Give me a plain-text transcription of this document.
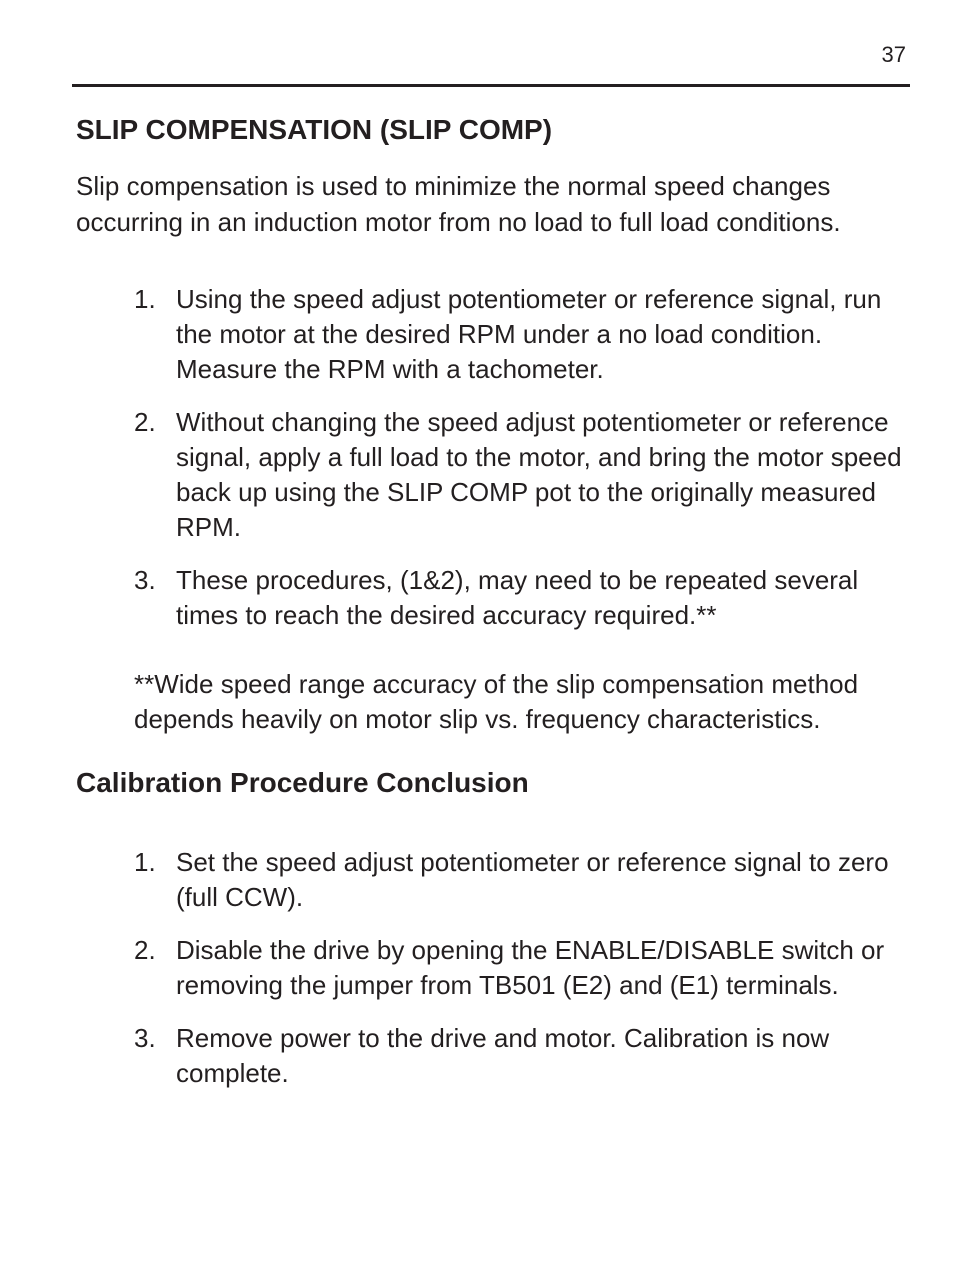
37
SLIP COMPENSATION (SLIP COMP)

Slip compensation is used to minimize the normal speed changes occurring in an induction motor from no load to full load conditions.

1. Using the speed adjust potentiometer or reference signal, run the motor at the desired RPM under a no load condition. Measure the RPM with a tachometer.
2. Without changing the speed adjust potentiometer or reference signal, apply a full load to the motor, and bring the motor speed back up using the SLIP COMP pot to the originally measured RPM.
3. These procedures, (1&2), may need to be repeated several times to reach the desired accuracy required.**

**Wide speed range accuracy of the slip compensation method depends heavily on motor slip vs. frequency characteristics.

Calibration Procedure Conclusion
1. Set the speed adjust potentiometer or reference signal to zero (full CCW).
2. Disable the drive by opening the ENABLE/DISABLE switch or removing the jumper from TB501 (E2) and (E1) terminals.
3. Remove power to the drive and motor. Calibration is now complete.
